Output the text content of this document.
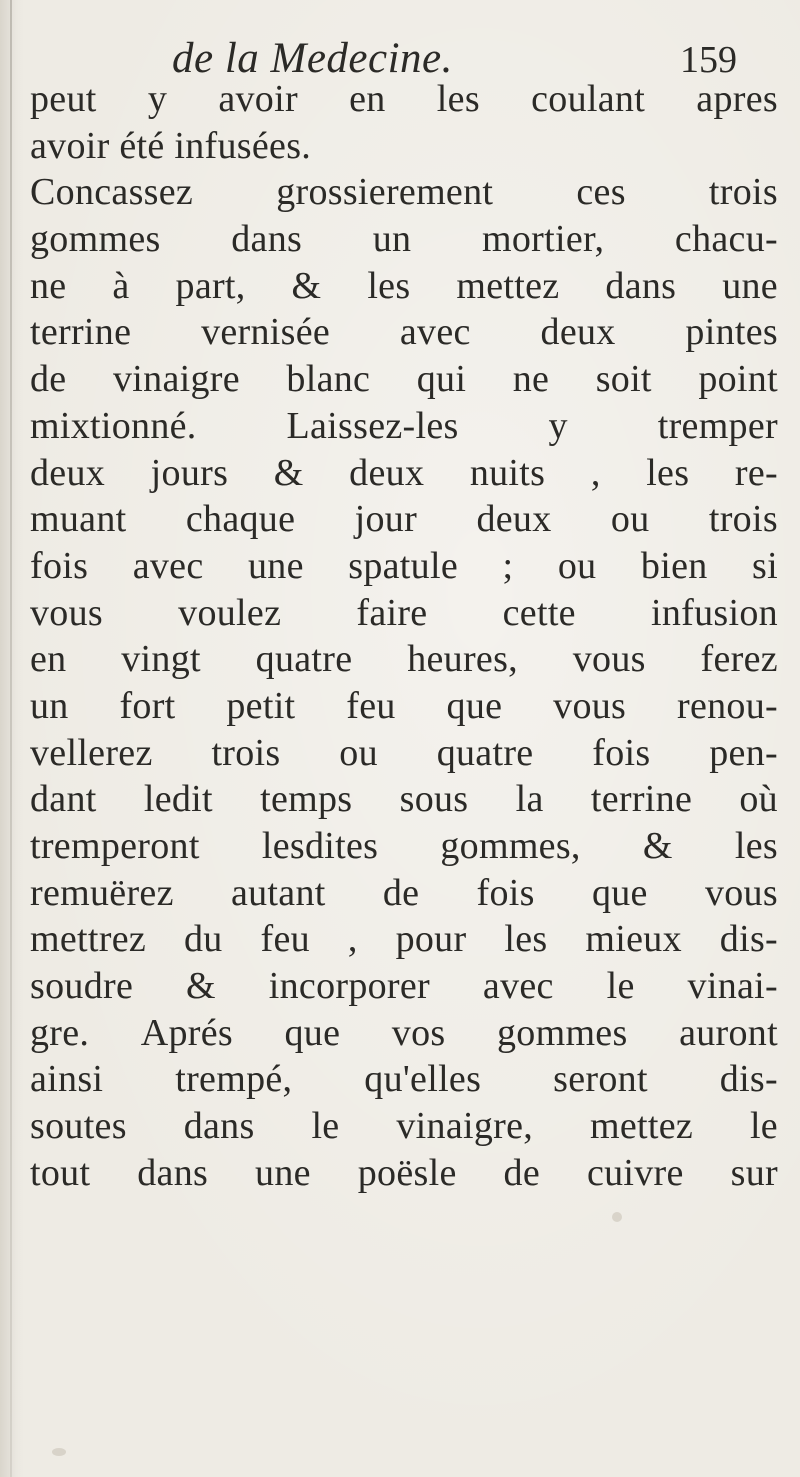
de la Medecine.	159
peut y avoir en les coulant apres
avoir été infusées.
Concassez grossierement ces trois
gommes dans un mortier, chacu-
ne à part, & les mettez dans une
terrine vernisée avec deux pintes
de vinaigre blanc qui ne soit point
mixtionné. Laissez-les y tremper
deux jours & deux nuits , les re-
muant chaque jour deux ou trois
fois avec une spatule ; ou bien si
vous voulez faire cette infusion
en vingt quatre heures, vous ferez
un fort petit feu que vous renou-
vellerez trois ou quatre fois pen-
dant ledit temps sous la terrine où
tremperont lesdites gommes, & les
remuërez autant de fois que vous
mettrez du feu , pour les mieux dis-
soudre & incorporer avec le vinai-
gre. Aprés que vos gommes auront
ainsi trempé, qu'elles seront dis-
soutes dans le vinaigre, mettez le
tout dans une poësle de cuivre sur
